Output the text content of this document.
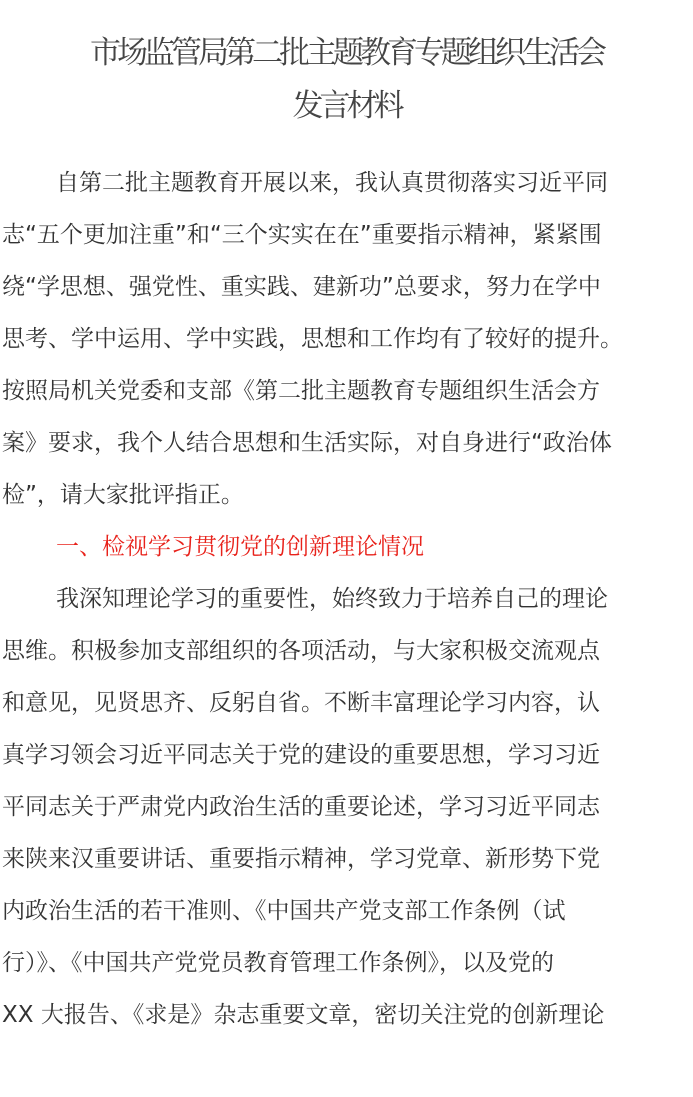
市场监管局第二批主题教育专题组织生活会
发言材料
自第二批主题教育开展以来，我认真贯彻落实习近平同
志“五个更加注重”和“三个实实在在”重要指示精神，紧紧围
绕“学思想、强党性、重实践、建新功”总要求，努力在学中
思考、学中运用、学中实践，思想和工作均有了较好的提升。
按照局机关党委和支部《第二批主题教育专题组织生活会方
案》要求，我个人结合思想和生活实际，对自身进行“政治体
检”，请大家批评指正。
一、检视学习贯彻党的创新理论情况
我深知理论学习的重要性，始终致力于培养自己的理论
思维。积极参加支部组织的各项活动，与大家积极交流观点
和意见，见贤思齐、反躬自省。不断丰富理论学习内容，认
真学习领会习近平同志关于党的建设的重要思想，学习习近
平同志关于严肃党内政治生活的重要论述，学习习近平同志
来陕来汉重要讲话、重要指示精神，学习党章、新形势下党
内政治生活的若干准则、《中国共产党支部工作条例（试
行）》、《中国共产党党员教育管理工作条例》，以及党的
XX 大报告、《求是》杂志重要文章，密切关注党的创新理论
